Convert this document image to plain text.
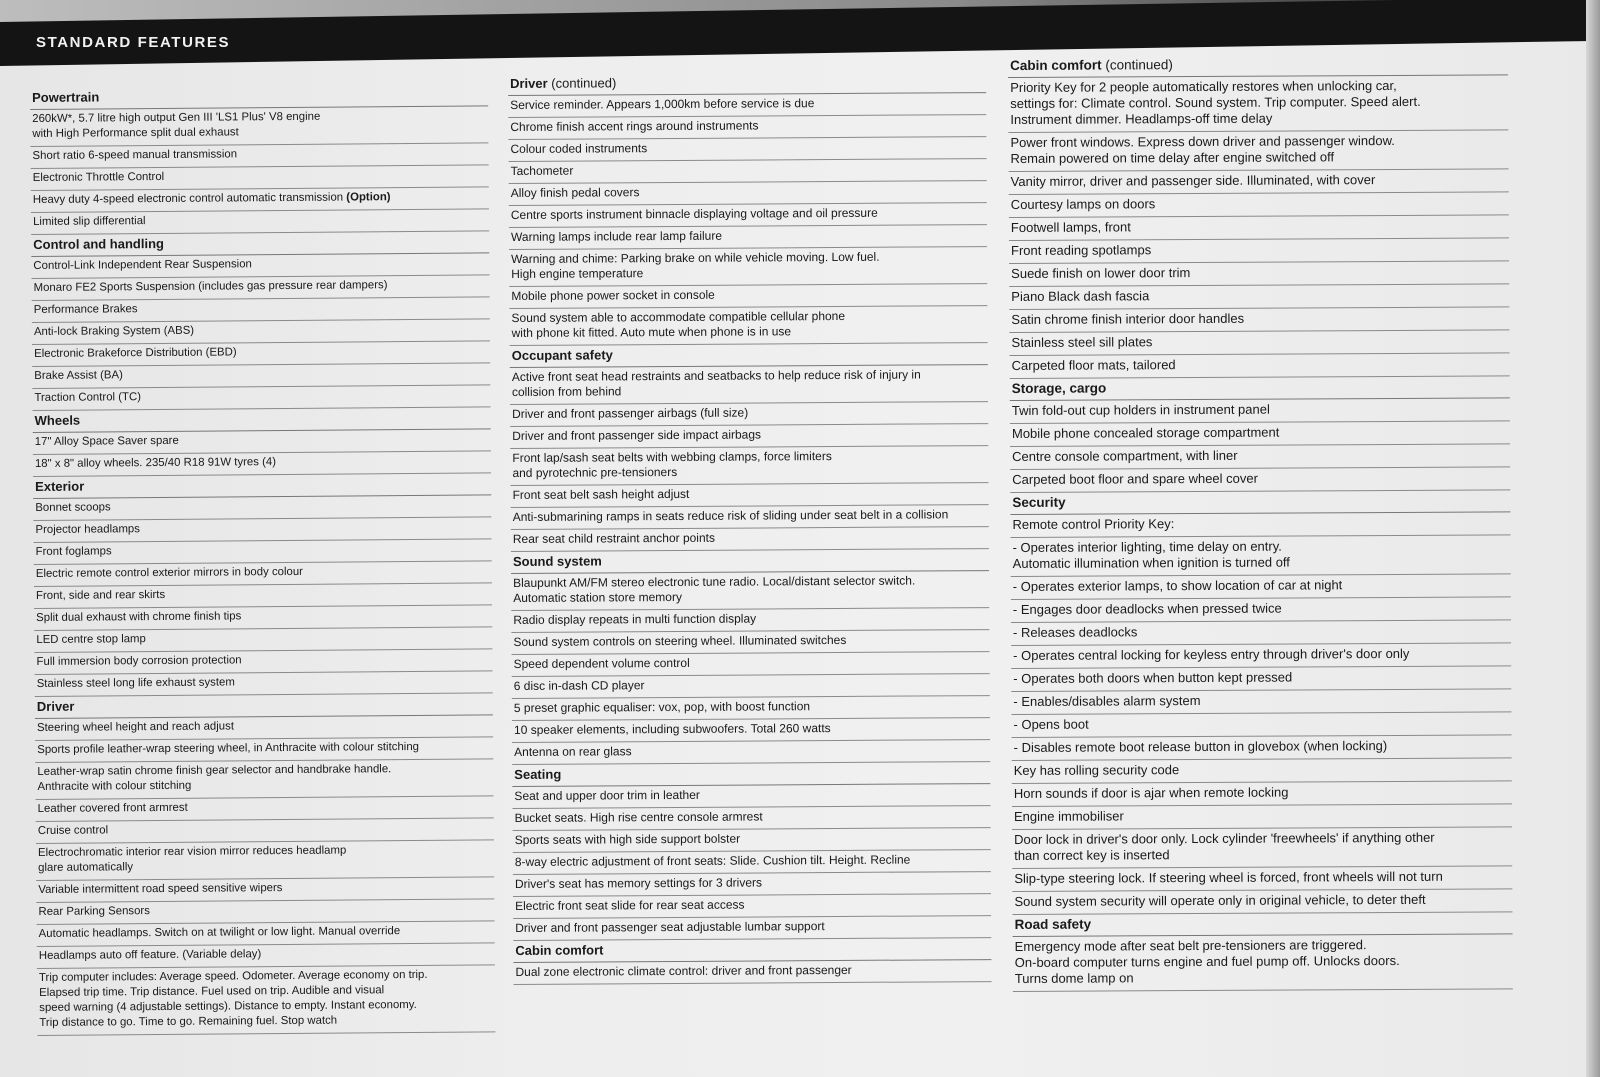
STANDARD FEATURES
Powertrain
260kW*, 5.7 litre high output Gen III 'LS1 Plus' V8 engine
with High Performance split dual exhaust
Short ratio 6-speed manual transmission
Electronic Throttle Control
Heavy duty 4-speed electronic control automatic transmission (Option)
Limited slip differential
Control and handling
Control-Link Independent Rear Suspension
Monaro FE2 Sports Suspension (includes gas pressure rear dampers)
Performance Brakes
Anti-lock Braking System (ABS)
Electronic Brakeforce Distribution (EBD)
Brake Assist (BA)
Traction Control (TC)
Wheels
17" Alloy Space Saver spare
18" x 8" alloy wheels. 235/40 R18 91W tyres (4)
Exterior
Bonnet scoops
Projector headlamps
Front foglamps
Electric remote control exterior mirrors in body colour
Front, side and rear skirts
Split dual exhaust with chrome finish tips
LED centre stop lamp
Full immersion body corrosion protection
Stainless steel long life exhaust system
Driver
Steering wheel height and reach adjust
Sports profile leather-wrap steering wheel, in Anthracite with colour stitching
Leather-wrap satin chrome finish gear selector and handbrake handle.
Anthracite with colour stitching
Leather covered front armrest
Cruise control
Electrochromatic interior rear vision mirror reduces headlamp
glare automatically
Variable intermittent road speed sensitive wipers
Rear Parking Sensors
Automatic headlamps. Switch on at twilight or low light. Manual override
Headlamps auto off feature. (Variable delay)
Trip computer includes: Average speed. Odometer. Average economy on trip.
Elapsed trip time. Trip distance. Fuel used on trip. Audible and visual
speed warning (4 adjustable settings). Distance to empty. Instant economy.
Trip distance to go. Time to go. Remaining fuel. Stop watch
Driver (continued)
Service reminder. Appears 1,000km before service is due
Chrome finish accent rings around instruments
Colour coded instruments
Tachometer
Alloy finish pedal covers
Centre sports instrument binnacle displaying voltage and oil pressure
Warning lamps include rear lamp failure
Warning and chime: Parking brake on while vehicle moving. Low fuel.
High engine temperature
Mobile phone power socket in console
Sound system able to accommodate compatible cellular phone
with phone kit fitted. Auto mute when phone is in use
Occupant safety
Active front seat head restraints and seatbacks to help reduce risk of injury in
collision from behind
Driver and front passenger airbags (full size)
Driver and front passenger side impact airbags
Front lap/sash seat belts with webbing clamps, force limiters
and pyrotechnic pre-tensioners
Front seat belt sash height adjust
Anti-submarining ramps in seats reduce risk of sliding under seat belt in a collision
Rear seat child restraint anchor points
Sound system
Blaupunkt AM/FM stereo electronic tune radio. Local/distant selector switch.
Automatic station store memory
Radio display repeats in multi function display
Sound system controls on steering wheel. Illuminated switches
Speed dependent volume control
6 disc in-dash CD player
5 preset graphic equaliser: vox, pop, with boost function
10 speaker elements, including subwoofers. Total 260 watts
Antenna on rear glass
Seating
Seat and upper door trim in leather
Bucket seats. High rise centre console armrest
Sports seats with high side support bolster
8-way electric adjustment of front seats: Slide. Cushion tilt. Height. Recline
Driver's seat has memory settings for 3 drivers
Electric front seat slide for rear seat access
Driver and front passenger seat adjustable lumbar support
Cabin comfort
Dual zone electronic climate control: driver and front passenger
Cabin comfort (continued)
Priority Key for 2 people automatically restores when unlocking car,
settings for: Climate control. Sound system. Trip computer. Speed alert.
Instrument dimmer. Headlamps-off time delay
Power front windows. Express down driver and passenger window.
Remain powered on time delay after engine switched off
Vanity mirror, driver and passenger side. Illuminated, with cover
Courtesy lamps on doors
Footwell lamps, front
Front reading spotlamps
Suede finish on lower door trim
Piano Black dash fascia
Satin chrome finish interior door handles
Stainless steel sill plates
Carpeted floor mats, tailored
Storage, cargo
Twin fold-out cup holders in instrument panel
Mobile phone concealed storage compartment
Centre console compartment, with liner
Carpeted boot floor and spare wheel cover
Security
Remote control Priority Key:
- Operates interior lighting, time delay on entry.
Automatic illumination when ignition is turned off
- Operates exterior lamps, to show location of car at night
- Engages door deadlocks when pressed twice
- Releases deadlocks
- Operates central locking for keyless entry through driver's door only
- Operates both doors when button kept pressed
- Enables/disables alarm system
- Opens boot
- Disables remote boot release button in glovebox (when locking)
Key has rolling security code
Horn sounds if door is ajar when remote locking
Engine immobiliser
Door lock in driver's door only. Lock cylinder 'freewheels' if anything other
than correct key is inserted
Slip-type steering lock. If steering wheel is forced, front wheels will not turn
Sound system security will operate only in original vehicle, to deter theft
Road safety
Emergency mode after seat belt pre-tensioners are triggered.
On-board computer turns engine and fuel pump off. Unlocks doors.
Turns dome lamp on
